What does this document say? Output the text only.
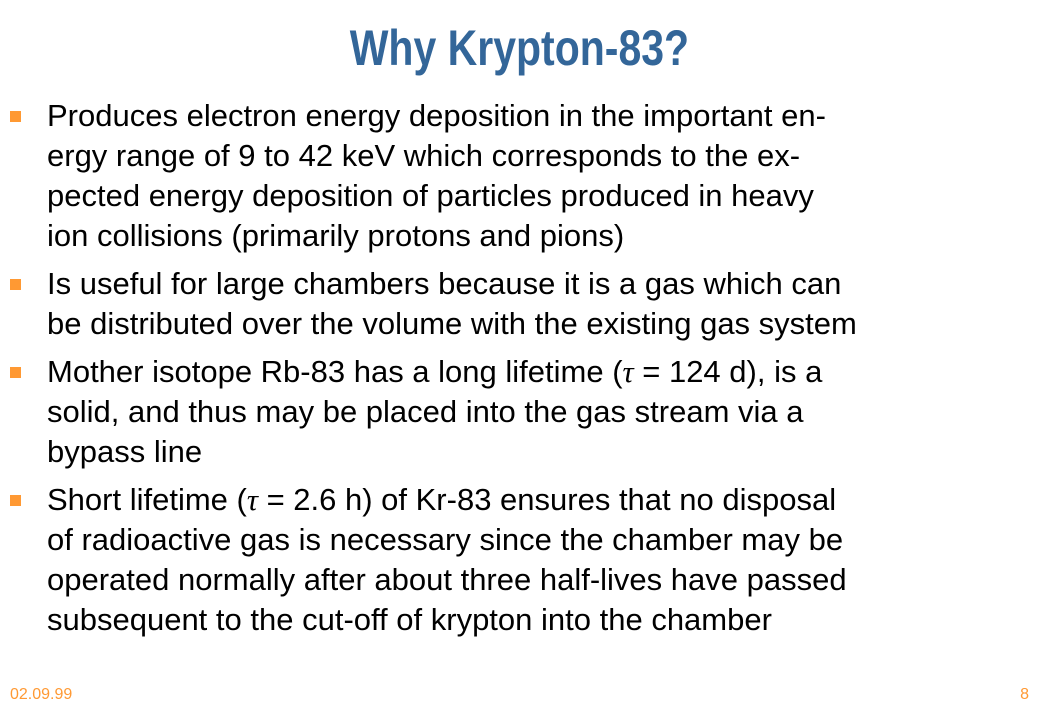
Why Krypton-83?
Produces electron energy deposition in the important en-
ergy range of 9 to 42 keV which corresponds to the ex-
pected energy deposition of particles produced in heavy
ion collisions (primarily protons and pions)
Is useful for large chambers because it is a gas which can
be distributed over the volume with the existing gas system
Mother isotope Rb-83 has a long lifetime (τ = 124 d), is a
solid, and thus may be placed into the gas stream via a
bypass line
Short lifetime (τ = 2.6 h) of Kr-83 ensures that no disposal
of radioactive gas is necessary since the chamber may be
operated normally after about three half-lives have passed
subsequent to the cut-off of krypton into the chamber
02.09.99	8
